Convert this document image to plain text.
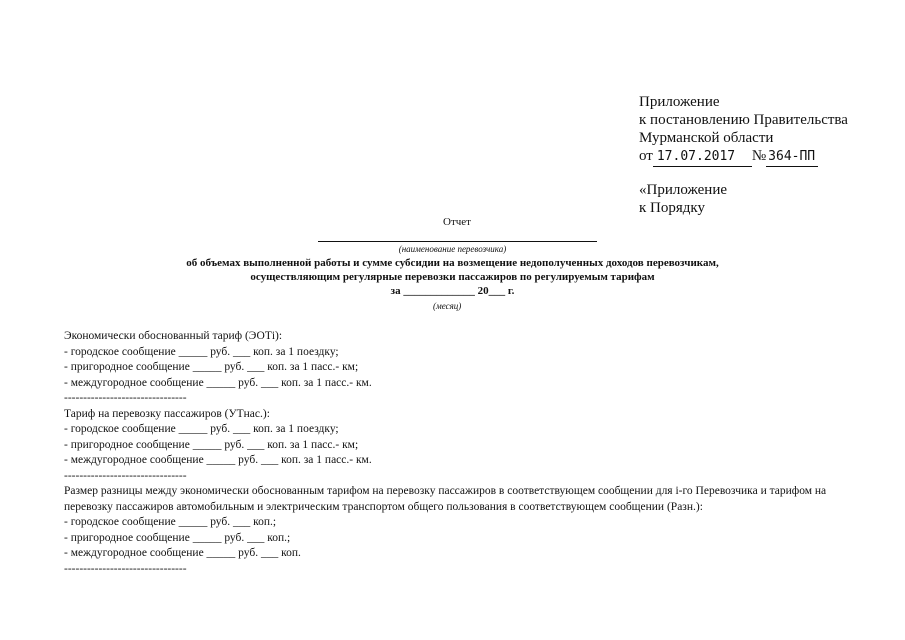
Приложение
к постановлению Правительства
Мурманской области
от 17.07.2017 № 364-ПП
«Приложение
к Порядку
Отчет
(наименование перевозчика)
об объемах выполненной работы и сумме субсидии на возмещение недополученных доходов перевозчикам,
осуществляющим регулярные перевозки пассажиров по регулируемым тарифам
за _____________ 20___ г.
(месяц)
Экономически обоснованный тариф (ЭОТi):
- городское сообщение _____ руб. ___ коп. за 1 поездку;
- пригородное сообщение _____ руб. ___ коп. за 1 пасс.- км;
- междугородное сообщение _____ руб. ___ коп. за 1 пасс.- км.
--------------------------------
Тариф на перевозку пассажиров (УТнас.):
- городское сообщение _____ руб. ___ коп. за 1 поездку;
- пригородное сообщение _____ руб. ___ коп. за 1 пасс.- км;
- междугородное сообщение _____ руб. ___ коп. за 1 пасс.- км.
--------------------------------
Размер разницы между экономически обоснованным тарифом на перевозку пассажиров в соответствующем сообщении для i-го Перевозчика и тарифом на перевозку пассажиров автомобильным и электрическим транспортом общего пользования в соответствующем сообщении (Разн.):
- городское сообщение _____ руб. ___ коп.;
- пригородное сообщение _____ руб. ___ коп.;
- междугородное сообщение _____ руб. ___ коп.
--------------------------------
